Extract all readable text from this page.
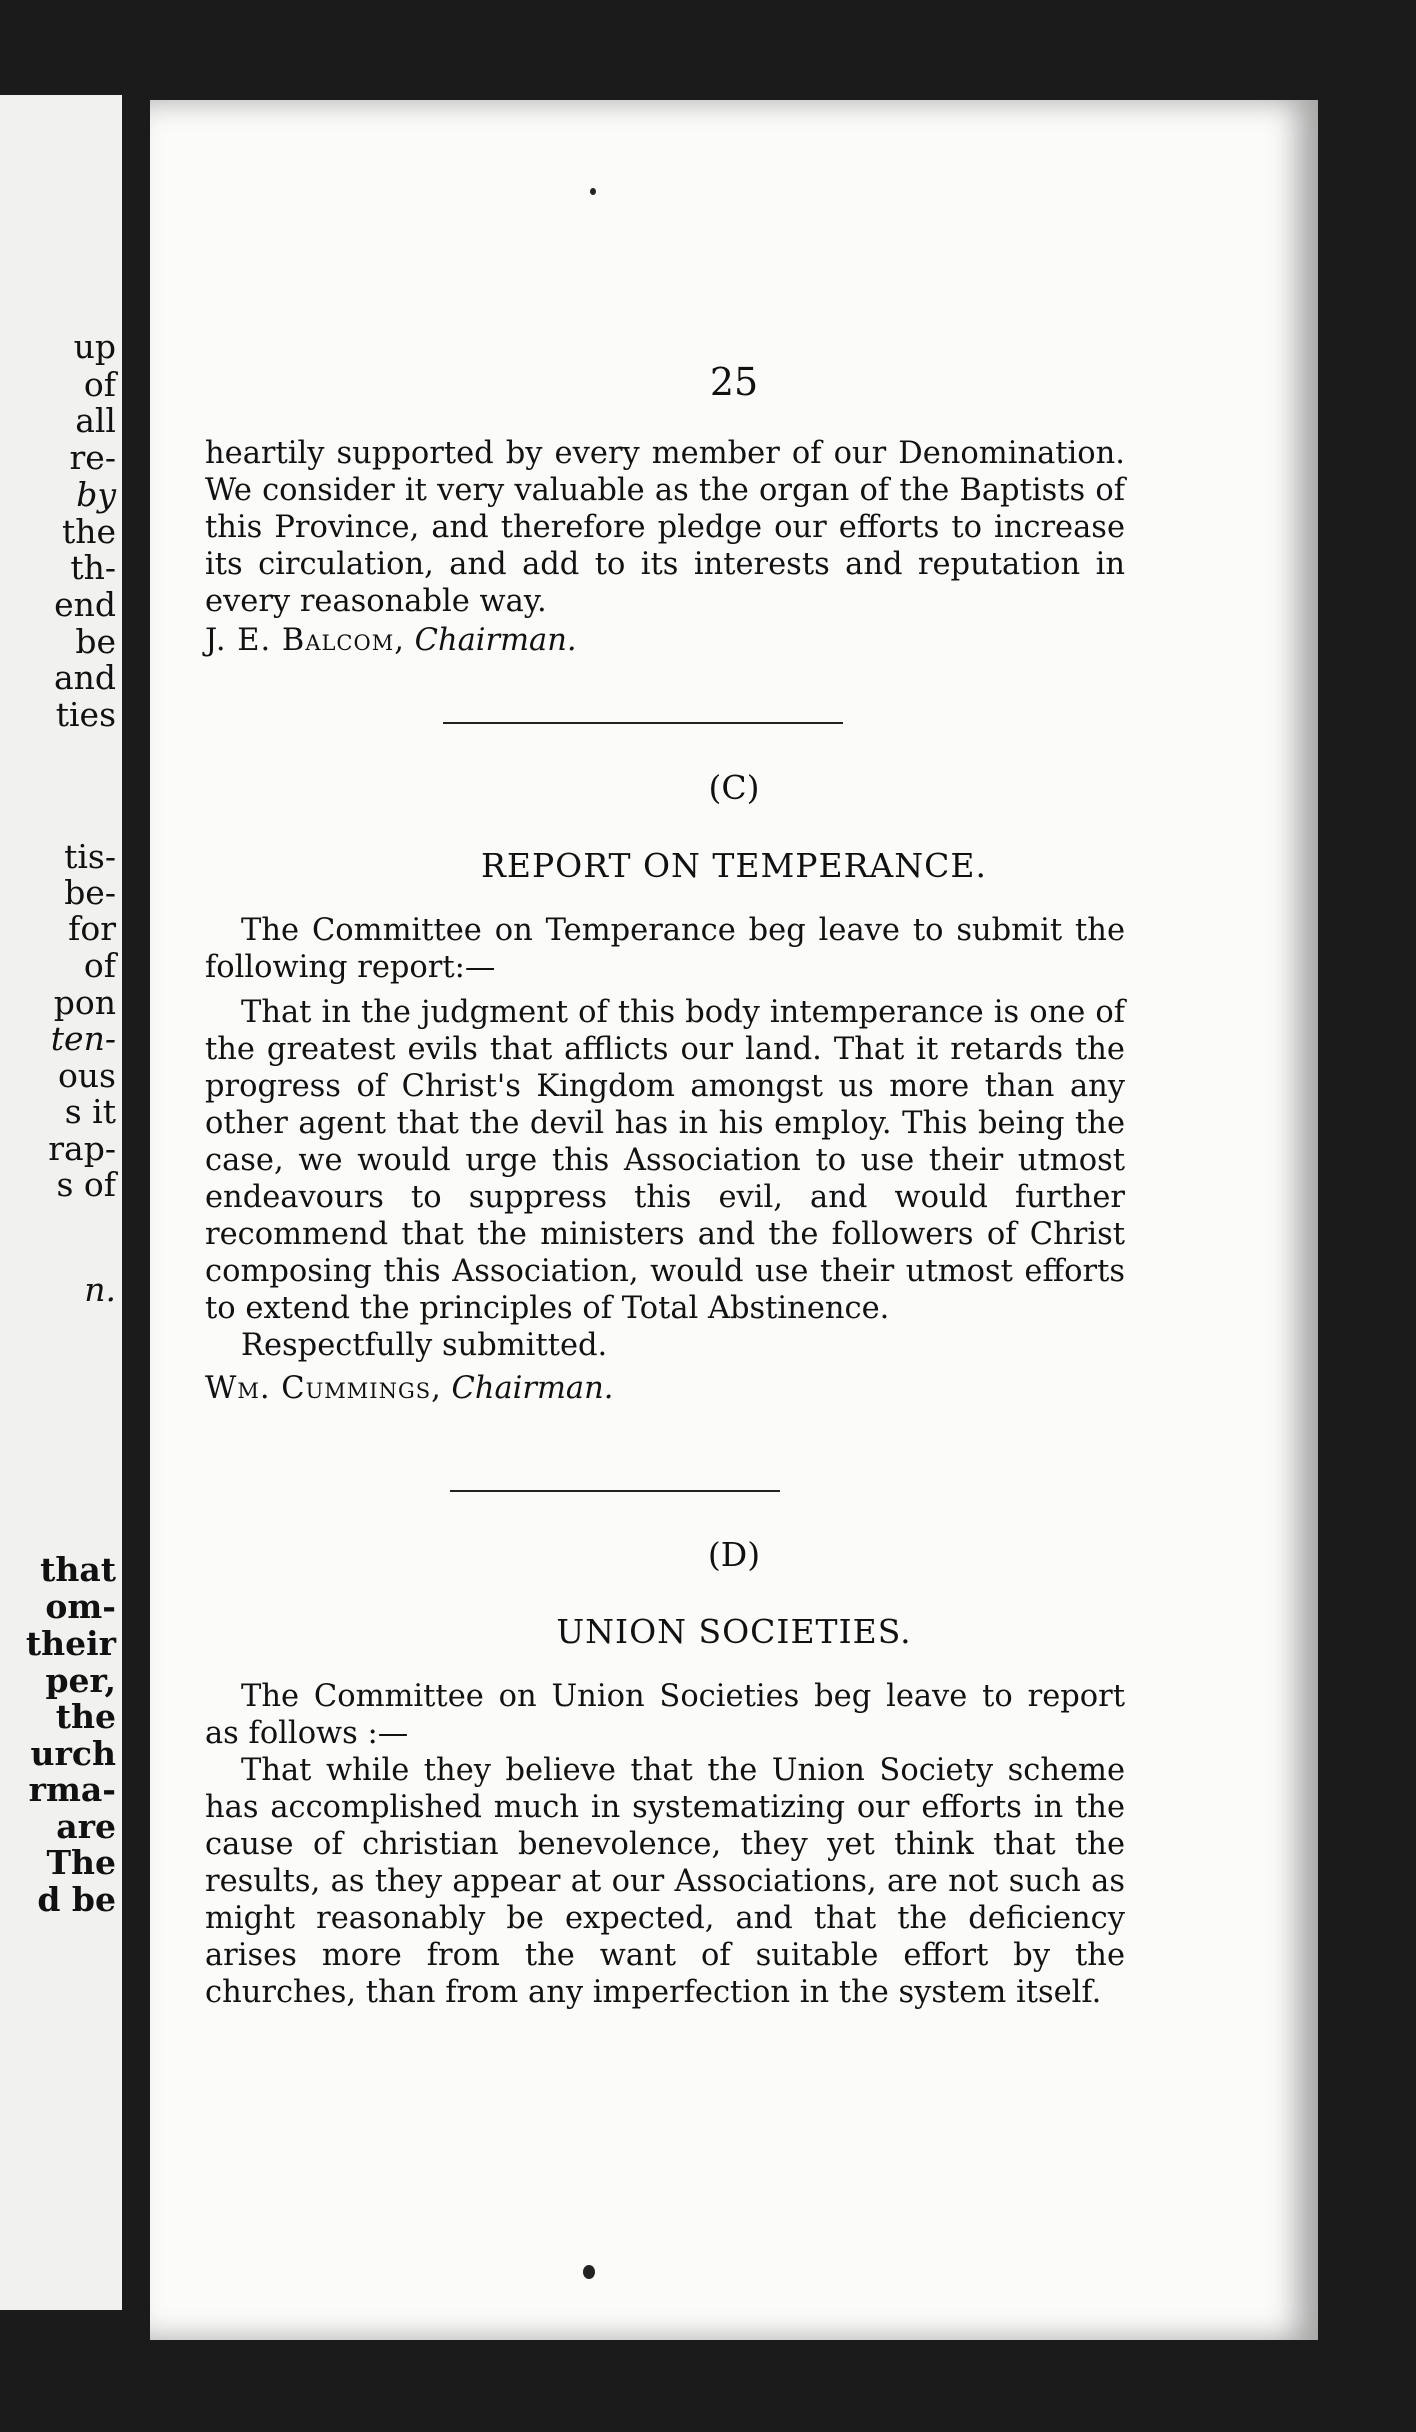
up
of
all
re-
by
the
th-
end
be
and
ties
tis-
be-
for
of
pon
ten-
ous
s it
rap-
s of
n.
that
om-
their
per,
the
urch
rma-
are
The
d be
25

heartily supported by every member of our Denomination. We consider it very valuable as the organ of the Baptists of this Province, and therefore pledge our efforts to increase its circulation, and add to its interests and reputation in every reasonable way.

J. E. Balcom, Chairman.

(C)
REPORT ON TEMPERANCE.

The Committee on Temperance beg leave to submit the following report:—

That in the judgment of this body intemperance is one of the greatest evils that afflicts our land. That it retards the progress of Christ's Kingdom amongst us more than any other agent that the devil has in his employ. This being the case, we would urge this Association to use their utmost endeavours to suppress this evil, and would further recommend that the ministers and the followers of Christ composing this Association, would use their utmost efforts to extend the principles of Total Abstinence.

Respectfully submitted.

Wm. Cummings, Chairman.

(D)
UNION SOCIETIES.

The Committee on Union Societies beg leave to report as follows :—

That while they believe that the Union Society scheme has accomplished much in systematizing our efforts in the cause of christian benevolence, they yet think that the results, as they appear at our Associations, are not such as might reasonably be expected, and that the deficiency arises more from the want of suitable effort by the churches, than from any imperfection in the system itself.
